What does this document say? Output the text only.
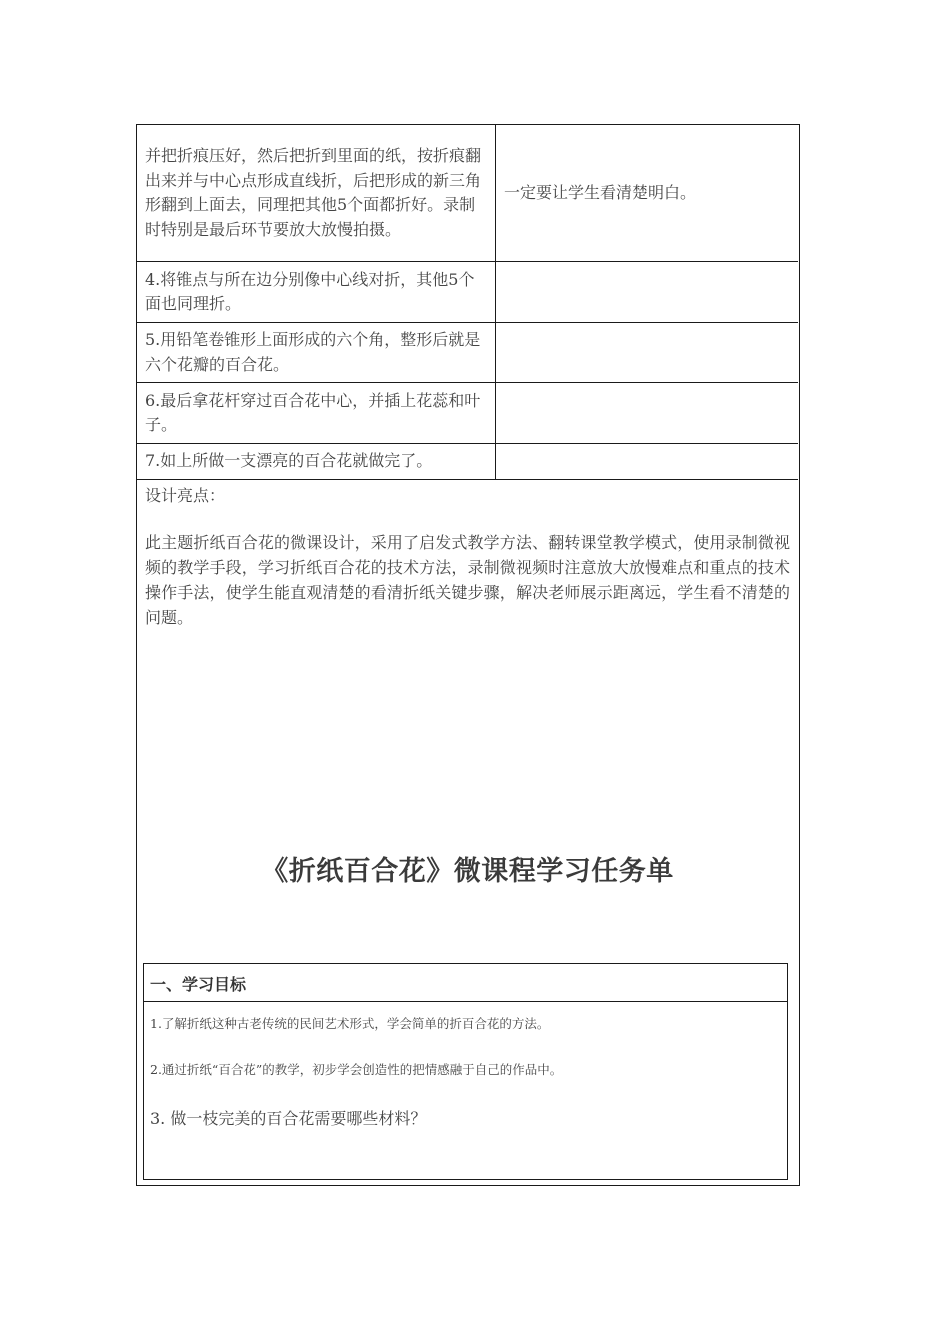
并把折痕压好，然后把折到里面的纸，按折痕翻出来并与中心点形成直线折，后把形成的新三角形翻到上面去，同理把其他5个面都折好。录制时特别是最后环节要放大放慢拍摄。	一定要让学生看清楚明白。
4.将锥点与所在边分别像中心线对折，其他5个面也同理折。	
5.用铅笔卷锥形上面形成的六个角，整形后就是六个花瓣的百合花。	
6.最后拿花杆穿过百合花中心，并插上花蕊和叶子。	
7.如上所做一支漂亮的百合花就做完了。	

设计亮点：

此主题折纸百合花的微课设计，采用了启发式教学方法、翻转课堂教学模式，使用录制微视频的教学手段，学习折纸百合花的技术方法，录制微视频时注意放大放慢难点和重点的技术操作手法，使学生能直观清楚的看清折纸关键步骤，解决老师展示距离远，学生看不清楚的问题。

《折纸百合花》微课程学习任务单
一、学习目标
1.了解折纸这种古老传统的民间艺术形式，学会简单的折百合花的方法。
2.通过折纸“百合花”的教学，初步学会创造性的把情感融于自己的作品中。
3. 做一枝完美的百合花需要哪些材料？
